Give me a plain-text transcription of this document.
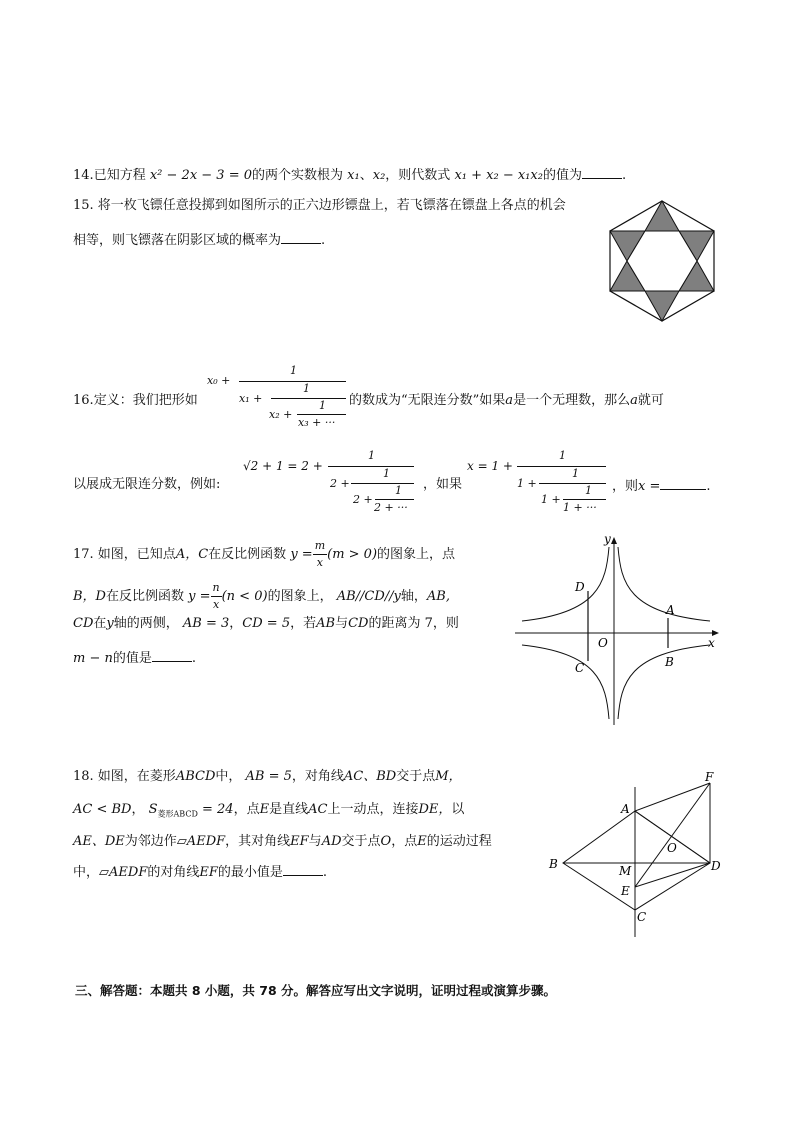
14.已知方程 x² − 2x − 3 = 0的两个实数根为 x₁、x₂，则代数式 x₁ + x₂ − x₁x₂的值为	.
15. 将一枚飞镖任意投掷到如图所示的正六边形镖盘上，若飞镖落在镖盘上各点的机会
相等，则飞镖落在阴影区域的概率为	.
16.定义：我们把形如
x₀ +
1
x₁ +
1
x₂ +
1
x₃ + ···
的数成为“无限连分数”如果a是一个无理数，那么a就可
以展成无限连分数，例如:
√2 + 1 = 2 +
1
2 +
1
2 +
1
2 + ···
，如果
x = 1 +
1
1 +
1
1 +
1
1 + ···
，则x =	.
17. 如图，已知点A，C在反比例函数 $y = \frac{m}{x} (m > 0)$的图象上，点
B，D在反比例函数 $y = \frac{n}{x} (n < 0)$的图象上， AB//CD//y轴，AB,
CD在y轴的两侧， AB = 3，CD = 5，若AB与CD的距离为 7，则
m − n的值是	.
y
x
O
A
B
C
D
18. 如图，在菱形ABCD中， AB = 5，对角线AC、BD交于点M，
AC < BD， $S_{菱形ABCD} = 24$，点E是直线AC上一动点，连接DE，以
AE、DE为邻边作▱AEDF，其对角线EF与AD交于点O，点E的运动过程
中，▱AEDF的对角线EF的最小值是	.
F
A
O
B	M	D
E
C
三、解答题：本题共 8 小题，共 78 分。解答应写出文字说明，证明过程或演算步骤。
